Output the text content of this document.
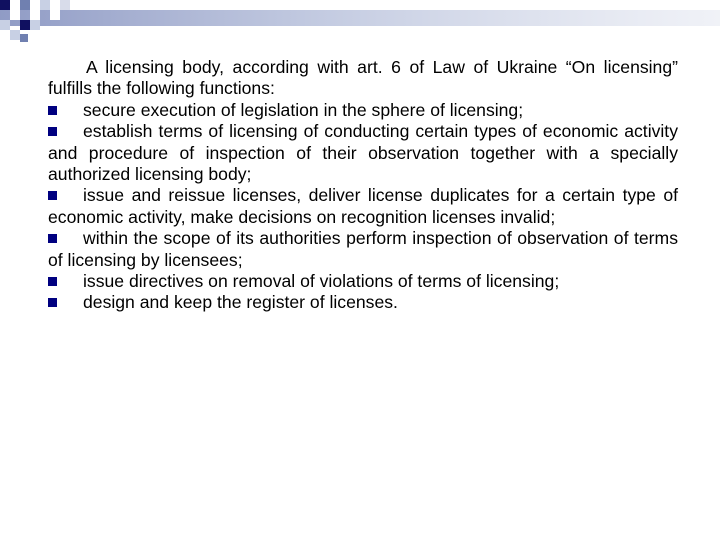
A licensing body, according with art. 6 of Law of Ukraine “On licensing” fulfills the following functions:

secure execution of legislation in the sphere of licensing;

establish terms of licensing of conducting certain types of economic activity and procedure of inspection of their observation together with a specially authorized licensing body;

issue and reissue licenses, deliver license duplicates for a certain type of economic activity, make decisions on recognition licenses invalid;

within the scope of its authorities perform inspection of observation of terms of licensing by licensees;

issue directives on removal of violations of terms of licensing;

design and keep the register of licenses.
